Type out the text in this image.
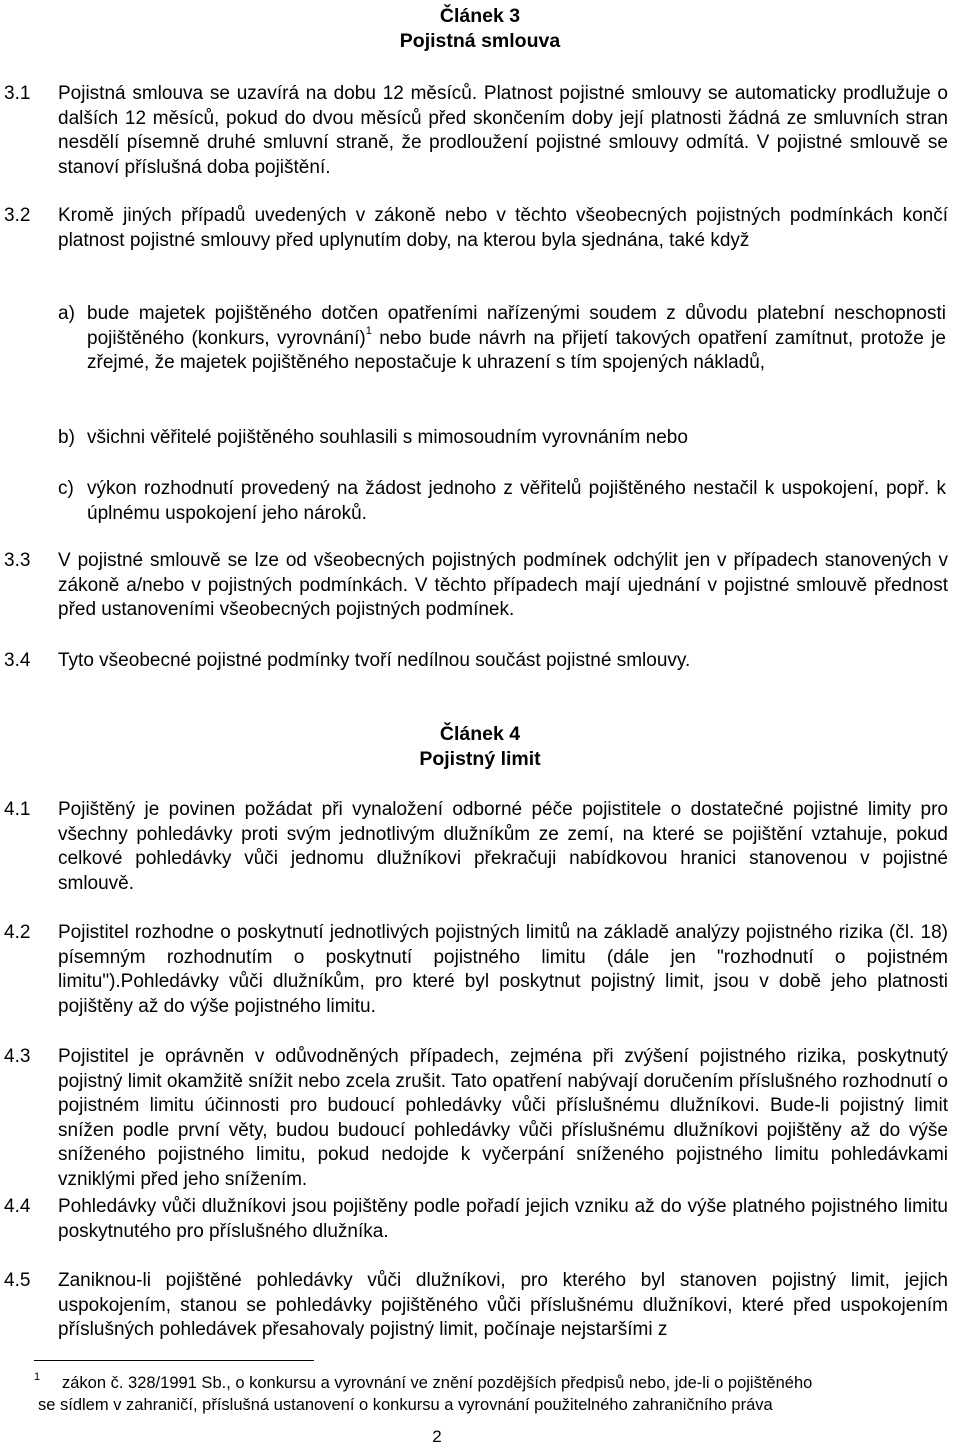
Článek 3
Pojistná smlouva
3.1	Pojistná smlouva se uzavírá na dobu 12 měsíců. Platnost pojistné smlouvy se automaticky prodlužuje o dalších 12 měsíců, pokud do dvou měsíců před skončením doby její platnosti žádná ze smluvních stran nesdělí písemně druhé smluvní straně, že prodloužení pojistné smlouvy odmítá. V pojistné smlouvě se stanoví příslušná doba pojištění.
3.2	Kromě jiných případů uvedených v zákoně nebo v těchto všeobecných pojistných podmínkách končí platnost pojistné smlouvy před uplynutím doby, na kterou byla sjednána, také když
a) bude majetek pojištěného dotčen opatřeními nařízenými soudem z důvodu platební neschopnosti pojištěného (konkurs, vyrovnání)$^1$ nebo bude návrh na přijetí takových opatření zamítnut, protože je zřejmé, že majetek pojištěného nepostačuje k uhrazení s tím spojených nákladů,
b) všichni věřitelé pojištěného souhlasili s mimosoudním vyrovnáním nebo
c) výkon rozhodnutí provedený na žádost jednoho z věřitelů pojištěného nestačil k uspokojení, popř. k úplnému uspokojení jeho nároků.
3.3	V pojistné smlouvě se lze od všeobecných pojistných podmínek odchýlit jen v případech stanovených v zákoně a/nebo v pojistných podmínkách. V těchto případech mají ujednání v pojistné smlouvě přednost před ustanoveními všeobecných pojistných podmínek.
3.4	Tyto všeobecné pojistné podmínky tvoří nedílnou součást pojistné smlouvy.
Článek 4
Pojistný limit
4.1	Pojištěný je povinen požádat při vynaložení odborné péče pojistitele o dostatečné pojistné limity pro všechny pohledávky proti svým jednotlivým dlužníkům ze zemí, na které se pojištění vztahuje, pokud celkové pohledávky vůči jednomu dlužníkovi překračuji nabídkovou hranici stanovenou v pojistné smlouvě.
4.2	Pojistitel rozhodne o poskytnutí jednotlivých pojistných limitů na základě analýzy pojistného rizika (čl. 18) písemným rozhodnutím o poskytnutí pojistného limitu (dále jen "rozhodnutí o pojistném limitu").Pohledávky vůči dlužníkům, pro které byl poskytnut pojistný limit, jsou v době jeho platnosti pojištěny až do výše pojistného limitu.
4.3	Pojistitel je oprávněn v odůvodněných případech, zejména při zvýšení pojistného rizika, poskytnutý pojistný limit okamžitě snížit nebo zcela zrušit. Tato opatření nabývají doručením příslušného rozhodnutí o pojistném limitu účinnosti pro budoucí pohledávky vůči příslušnému dlužníkovi. Bude-li pojistný limit snížen podle první věty, budou budoucí pohledávky vůči příslušnému dlužníkovi pojištěny až do výše sníženého pojistného limitu, pokud nedojde k vyčerpání sníženého pojistného limitu pohledávkami vzniklými před jeho snížením.
4.4	Pohledávky vůči dlužníkovi jsou pojištěny podle pořadí jejich vzniku až do výše platného pojistného limitu poskytnutého pro příslušného dlužníka.
4.5	Zaniknou-li pojištěné pohledávky vůči dlužníkovi, pro kterého byl stanoven pojistný limit, jejich uspokojením, stanou se pohledávky pojištěného vůči příslušnému dlužníkovi, které před uspokojením příslušných pohledávek přesahovaly pojistný limit, počínaje nejstaršími z
1 zákon č. 328/1991 Sb., o konkursu a vyrovnání ve znění pozdějších předpisů nebo, jde-li o pojištěného
se sídlem v zahraničí, příslušná ustanovení o konkursu a vyrovnání použitelného zahraničního práva
2
